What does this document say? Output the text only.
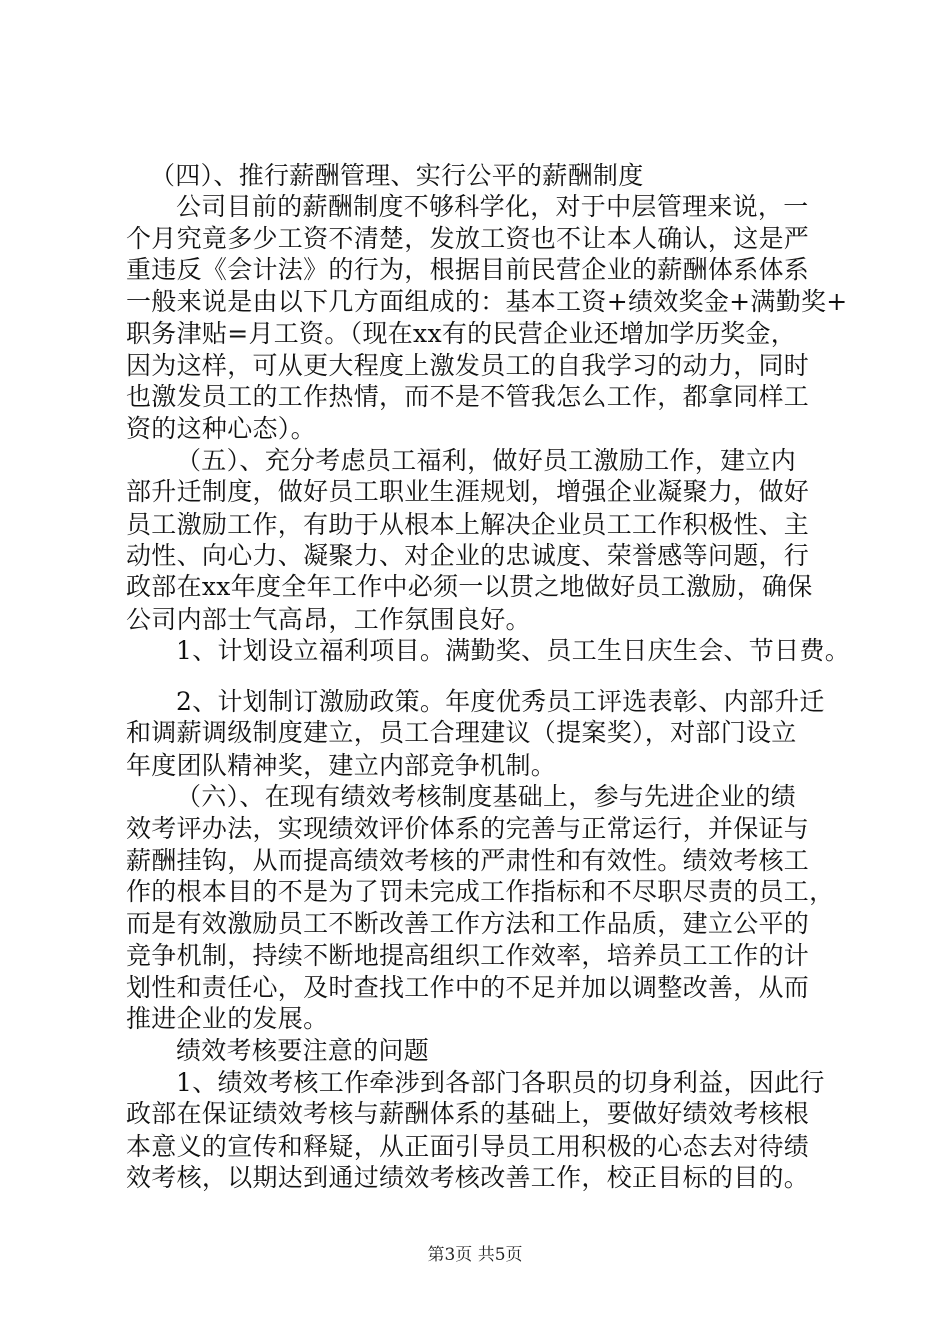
（四）、推行薪酬管理、实行公平的薪酬制度
公司目前的薪酬制度不够科学化，对于中层管理来说，一
个月究竟多少工资不清楚，发放工资也不让本人确认，这是严
重违反《会计法》的行为，根据目前民营企业的薪酬体系体系
一般来说是由以下几方面组成的：基本工资+绩效奖金+满勤奖+
职务津贴=月工资。（现在xx有的民营企业还增加学历奖金，
因为这样，可从更大程度上激发员工的自我学习的动力，同时
也激发员工的工作热情，而不是不管我怎么工作，都拿同样工
资的这种心态）。
（五）、充分考虑员工福利，做好员工激励工作，建立内
部升迁制度，做好员工职业生涯规划，增强企业凝聚力，做好
员工激励工作，有助于从根本上解决企业员工工作积极性、主
动性、向心力、凝聚力、对企业的忠诚度、荣誉感等问题，行
政部在xx年度全年工作中必须一以贯之地做好员工激励，确保
公司内部士气高昂，工作氛围良好。
1、计划设立福利项目。满勤奖、员工生日庆生会、节日费。
2、计划制订激励政策。年度优秀员工评选表彰、内部升迁
和调薪调级制度建立，员工合理建议（提案奖），对部门设立
年度团队精神奖，建立内部竞争机制。
（六）、在现有绩效考核制度基础上，参与先进企业的绩
效考评办法，实现绩效评价体系的完善与正常运行，并保证与
薪酬挂钩，从而提高绩效考核的严肃性和有效性。绩效考核工
作的根本目的不是为了罚未完成工作指标和不尽职尽责的员工，
而是有效激励员工不断改善工作方法和工作品质，建立公平的
竞争机制，持续不断地提高组织工作效率，培养员工工作的计
划性和责任心，及时查找工作中的不足并加以调整改善，从而
推进企业的发展。
绩效考核要注意的问题
1、绩效考核工作牵涉到各部门各职员的切身利益，因此行
政部在保证绩效考核与薪酬体系的基础上，要做好绩效考核根
本意义的宣传和释疑，从正面引导员工用积极的心态去对待绩
效考核，以期达到通过绩效考核改善工作，校正目标的目的。
第3页 共5页
